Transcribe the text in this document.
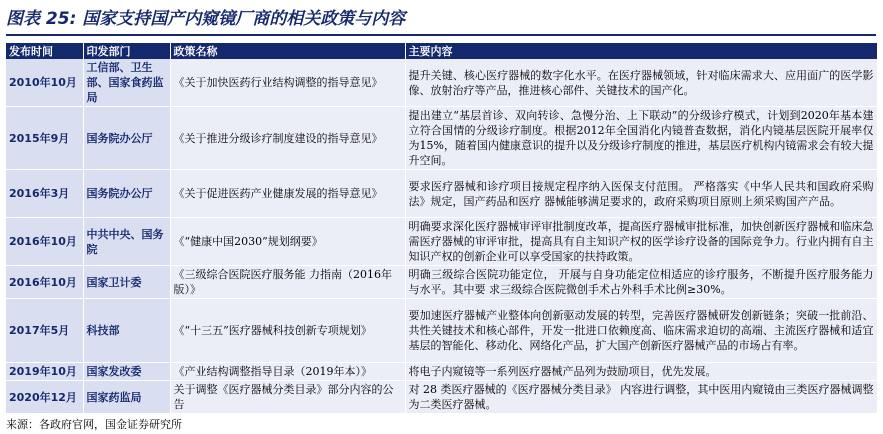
图表 25: 国家支持国产内窥镜厂商的相关政策与内容
发布时间	印发部门	政策名称	主要内容
2010年10月	工信部、卫生部、国家食药监局	《关于加快医药行业结构调整的指导意见》	提升关键、核心医疗器械的数字化水平。在医疗器械领域，针对临床需求大、应用面广的医学影像、放射治疗等产品，推进核心部件、关键技术的国产化。
2015年9月	国务院办公厅	《关于推进分级诊疗制度建设的指导意见》	提出建立“基层首诊、双向转诊、急慢分治、上下联动”的分级诊疗模式，计划到2020年基本建立符合国情的分级诊疗制度。根据2012年全国消化内镜普查数据，消化内镜基层医院开展率仅为15%，随着国内健康意识的提升以及分级诊疗制度的推进，基层医疗机构内镜需求会有较大提升空间。
2016年3月	国务院办公厅	《关于促进医药产业健康发展的指导意见》	要求医疗器械和诊疗项目接规定程序纳入医保支付范围。 严格落实《中华人民共和国政府采购法》规定，国产药品和医疗 器械能够满足要求的，政府采购项目原则上须采购国产产品。
2016年10月	中共中央、国务院	《“健康中国2030”规划纲要》	明确要求深化医疗器械审评审批制度改革，提高医疗器械审批标准，加快创新医疗器械和临床急需医疗器械的审评审批，提高具有自主知识产权的医学诊疗设备的国际竞争力。行业内拥有自主知识产权的创新企业可以享受国家的扶持政策。
2016年10月	国家卫计委	《三级综合医院医疗服务能 力指南（2016年版）》	明确三级综合医院功能定位， 开展与自身功能定位相适应的诊疗服务，不断提升医疗服务能力与水平。其中要 求三级综合医院微创手术占外科手术比例≥30%。
2017年5月	科技部	《“十三五”医疗器械科技创新专项规划》	要加速医疗器械产业整体向创新驱动发展的转型，完善医疗器械研发创新链条；突破一批前沿、共性关键技术和核心部件，开发一批进口依赖度高、临床需求迫切的高端、主流医疗器械和适宜基层的智能化、移动化、网络化产品，扩大国产创新医疗器械产品的市场占有率。
2019年10月	国家发改委	《产业结构调整指导目录（2019年本）》	将电子内窥镜等一系列医疗器械产品列为鼓励项目，优先发展。
2020年12月	国家药监局	关于调整《医疗器械分类目录》部分内容的公告	对 28 类医疗器械的《医疗器械分类目录》 内容进行调整，其中医用内窥镜由三类医疗器械调整为二类医疗器械。
来源：各政府官网，国金证券研究所
